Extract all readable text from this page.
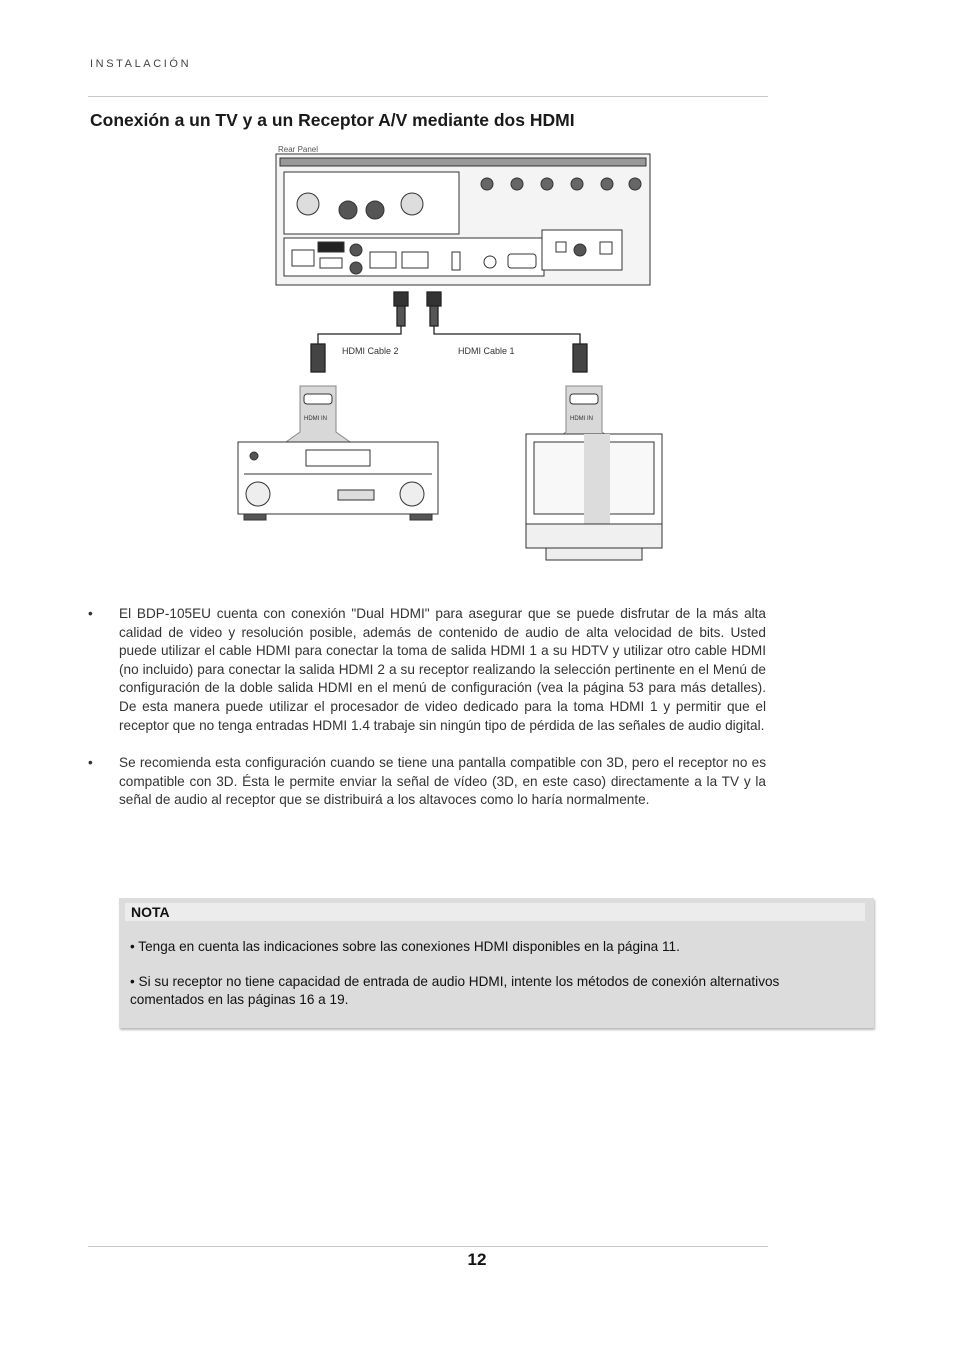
INSTALACIÓN
Conexión a un TV y a un Receptor A/V mediante dos HDMI
Rear Panel
HDMI Cable 2	HDMI Cable 1
HDMI IN	HDMI IN
• El BDP-105EU cuenta con conexión "Dual HDMI" para asegurar que se puede disfrutar de la más alta calidad de video y resolución posible, además de contenido de audio de alta velocidad de bits. Usted puede utilizar el cable HDMI para conectar la toma de salida HDMI 1 a su HDTV y utilizar otro cable HDMI (no incluido) para conectar la salida HDMI 2 a su receptor realizando la selección pertinente en el Menú de configuración de la doble salida HDMI en el menú de configuración (vea la página 53 para más detalles). De esta manera puede utilizar el procesador de video dedicado para la toma HDMI 1 y permitir que el receptor que no tenga entradas HDMI 1.4 trabaje sin ningún tipo de pérdida de las señales de audio digital.
• Se recomienda esta configuración cuando se tiene una pantalla compatible con 3D, pero el receptor no es compatible con 3D. Ésta le permite enviar la señal de vídeo (3D, en este caso) directamente a la TV y la señal de audio al receptor que se distribuirá a los altavoces como lo haría normalmente.
NOTA
• Tenga en cuenta las indicaciones sobre las conexiones HDMI disponibles en la página 11.
• Si su receptor no tiene capacidad de entrada de audio HDMI, intente los métodos de conexión alternativos comentados en las páginas 16 a 19.
12
